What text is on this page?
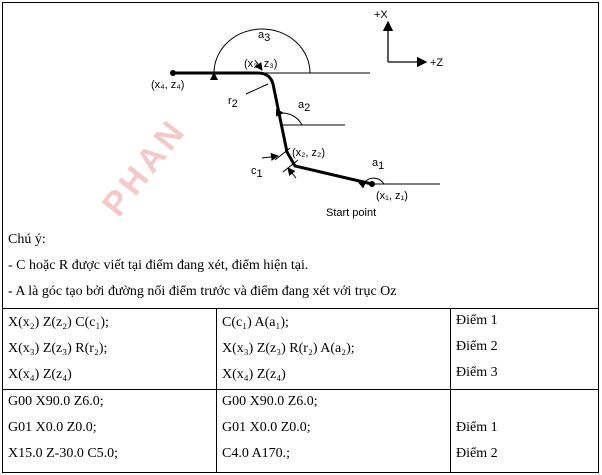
PHAN
+X
+Z
a3
(x₃, z₃)
(x₄, z₄)
r2	a2
(x₂, z₂)
c1
a1
(x₁, z₁)
Start point
Chú ý:
- C hoặc R được viết tại điểm đang xét, điểm hiện tại.
- A là góc tạo bởi đường nối điểm trước và điểm đang xét với trục Oz
X(x₂) Z(z₂) C(c₁);
X(x₃) Z(z₃) R(r₂);
X(x₄) Z(z₄)
C(c₁) A(a₁);
X(x₃) Z(z₃) R(r₂) A(a₂);
X(x₄) Z(z₄)
Điểm 1
Điểm 2
Điểm 3
G00 X90.0 Z6.0;
G01 X0.0 Z0.0;
X15.0 Z-30.0 C5.0;
G00 X90.0 Z6.0;
G01 X0.0 Z0.0;
C4.0 A170.;
Điểm 1
Điểm 2
